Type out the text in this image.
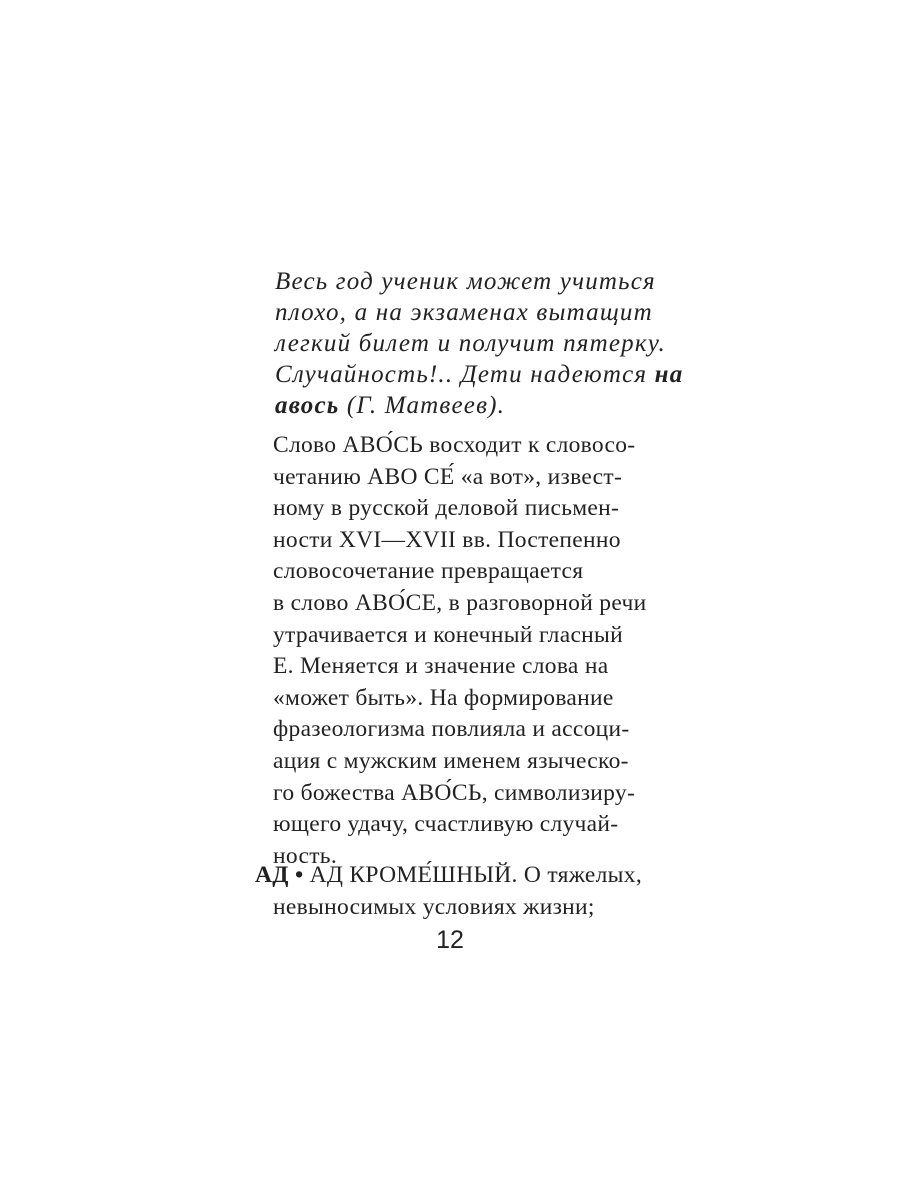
Весь год ученик может учиться
плохо, а на экзаменах вытащит
легкий билет и получит пятерку.
Случайность!.. Дети надеются на
авось (Г. Матвеев).
Слово АВО́СЬ восходит к словосо-
четанию АВО СЕ́ «а вот», извест-
ному в русской деловой письмен-
ности XVI—XVII вв. Постепенно
словосочетание превращается
в слово АВО́СЕ, в разговорной речи
утрачивается и конечный гласный
Е. Меняется и значение слова на
«может быть». На формирование
фразеологизма повлияла и ассоци-
ация с мужским именем языческо-
го божества АВО́СЬ, символизиру-
ющего удачу, счастливую случай-
ность.
АД • АД КРОМЕ́ШНЫЙ. О тяжелых,
невыносимых условиях жизни;
12
